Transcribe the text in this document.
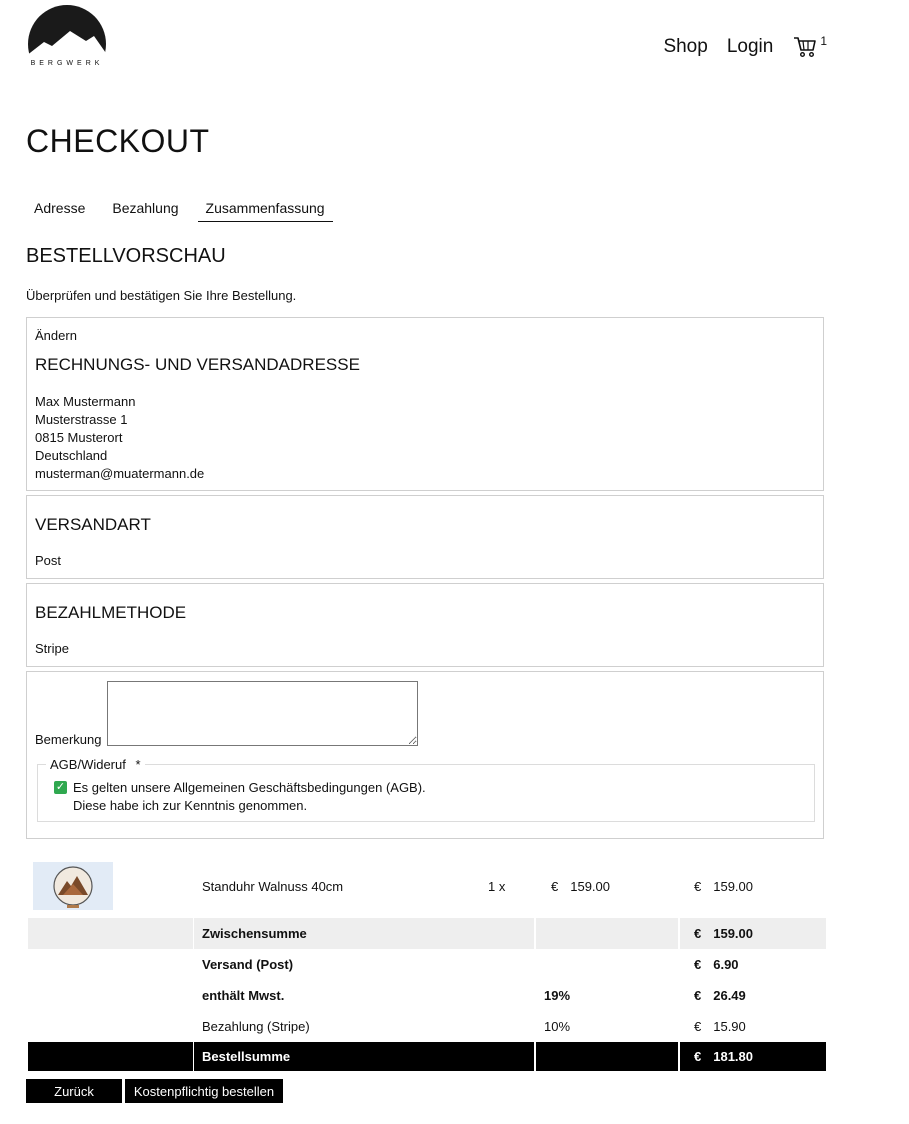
BERGWERK
Shop Login	1
CHECKOUT
Adresse	Bezahlung	Zusammenfassung
BESTELLVORSCHAU
Überprüfen und bestätigen Sie Ihre Bestellung.
Ändern
RECHNUNGS- UND VERSANDADRESSE
Max Mustermann
Musterstrasse 1
0815 Musterort
Deutschland
musterman@muatermann.de
VERSANDART
Post
BEZAHLMETHODE
Stripe
Bemerkung
AGB/Wideruf *
✓ Es gelten unsere Allgemeinen Geschäftsbedingungen (AGB).
Diese habe ich zur Kenntnis genommen.
Standuhr Walnuss 40cm	1 x	€ 159.00	€ 159.00
Zwischensumme	€ 159.00
Versand (Post)	€ 6.90
enthält Mwst.	19%	€ 26.49
Bezahlung (Stripe)	10%	€ 15.90
Bestellsumme	€ 181.80
Zurück	Kostenpflichtig bestellen
